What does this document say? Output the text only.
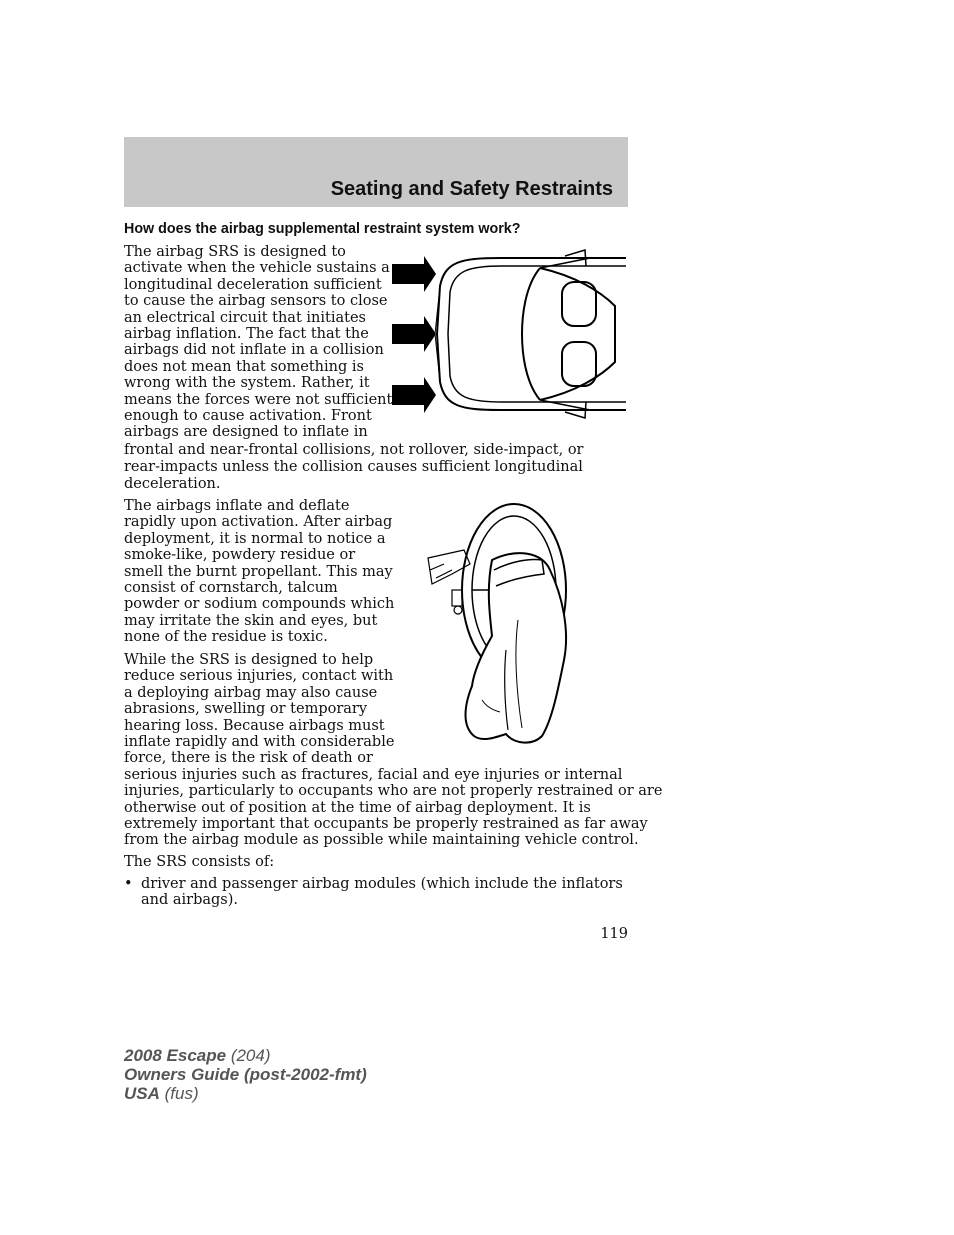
Seating and Safety Restraints
How does the airbag supplemental restraint system work?
The airbag SRS is designed to
activate when the vehicle sustains a
longitudinal deceleration sufficient
to cause the airbag sensors to close
an electrical circuit that initiates
airbag inflation. The fact that the
airbags did not inflate in a collision
does not mean that something is
wrong with the system. Rather, it
means the forces were not sufficient
enough to cause activation. Front
airbags are designed to inflate in
frontal and near-frontal collisions, not rollover, side-impact, or
rear-impacts unless the collision causes sufficient longitudinal
deceleration.
The airbags inflate and deflate
rapidly upon activation. After airbag
deployment, it is normal to notice a
smoke-like, powdery residue or
smell the burnt propellant. This may
consist of cornstarch, talcum
powder or sodium compounds which
may irritate the skin and eyes, but
none of the residue is toxic.
While the SRS is designed to help
reduce serious injuries, contact with
a deploying airbag may also cause
abrasions, swelling or temporary
hearing loss. Because airbags must
inflate rapidly and with considerable
force, there is the risk of death or
serious injuries such as fractures, facial and eye injuries or internal
injuries, particularly to occupants who are not properly restrained or are
otherwise out of position at the time of airbag deployment. It is
extremely important that occupants be properly restrained as far away
from the airbag module as possible while maintaining vehicle control.
The SRS consists of:
• driver and passenger airbag modules (which include the inflators and airbags).
119
2008 Escape (204)
Owners Guide (post-2002-fmt)
USA (fus)
